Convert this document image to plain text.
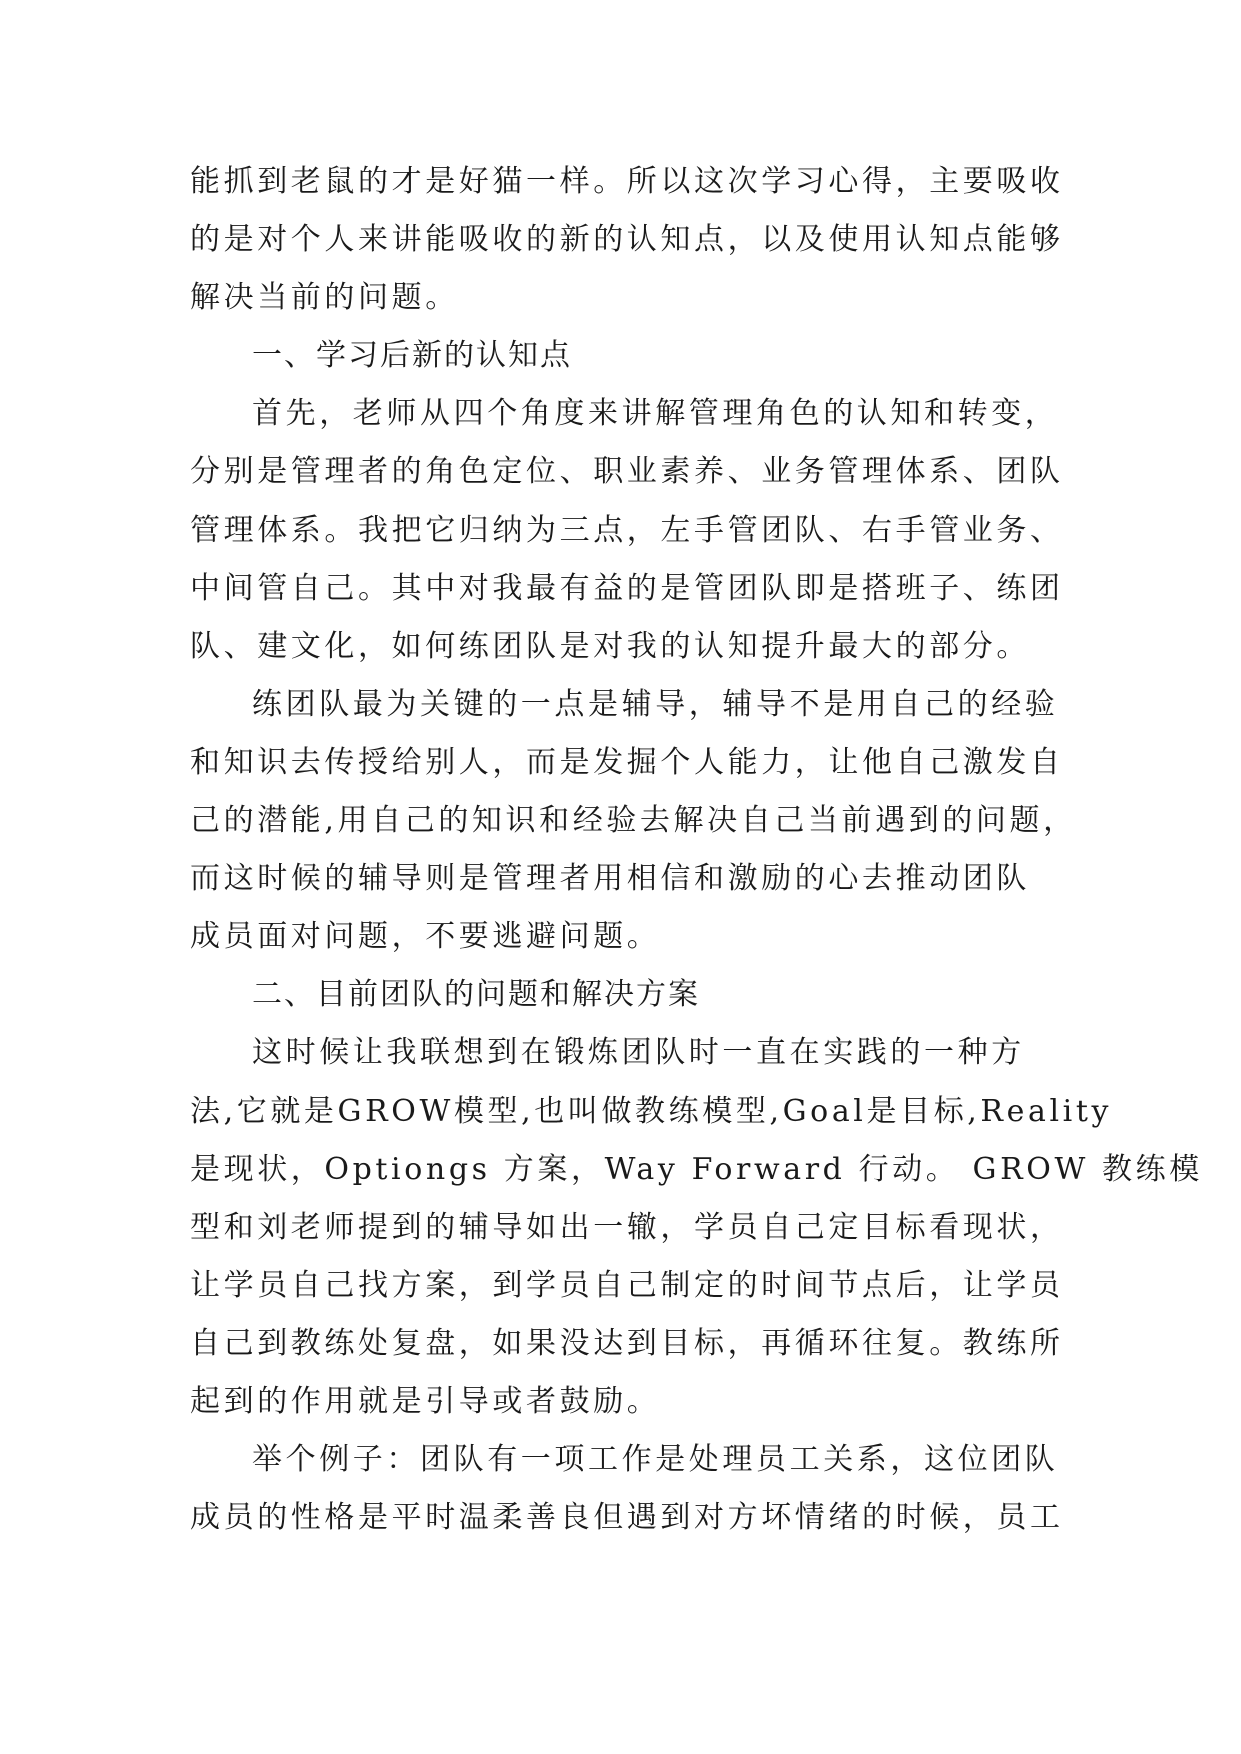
能抓到老鼠的才是好猫一样。所以这次学习心得，主要吸收
的是对个人来讲能吸收的新的认知点，以及使用认知点能够
解决当前的问题。
一、学习后新的认知点
首先，老师从四个角度来讲解管理角色的认知和转变，
分别是管理者的角色定位、职业素养、业务管理体系、团队
管理体系。我把它归纳为三点，左手管团队、右手管业务、
中间管自己。其中对我最有益的是管团队即是搭班子、练团
队、建文化，如何练团队是对我的认知提升最大的部分。
练团队最为关键的一点是辅导，辅导不是用自己的经验
和知识去传授给别人，而是发掘个人能力，让他自己激发自
己的潜能,用自己的知识和经验去解决自己当前遇到的问题，
而这时候的辅导则是管理者用相信和激励的心去推动团队
成员面对问题，不要逃避问题。
二、目前团队的问题和解决方案
这时候让我联想到在锻炼团队时一直在实践的一种方
法,它就是GROW模型,也叫做教练模型,Goal是目标,Reality
是现状，Optiongs 方案，Way Forward 行动。 GROW 教练模
型和刘老师提到的辅导如出一辙，学员自己定目标看现状，
让学员自己找方案，到学员自己制定的时间节点后，让学员
自己到教练处复盘，如果没达到目标，再循环往复。教练所
起到的作用就是引导或者鼓励。
举个例子：团队有一项工作是处理员工关系，这位团队
成员的性格是平时温柔善良但遇到对方坏情绪的时候，员工
